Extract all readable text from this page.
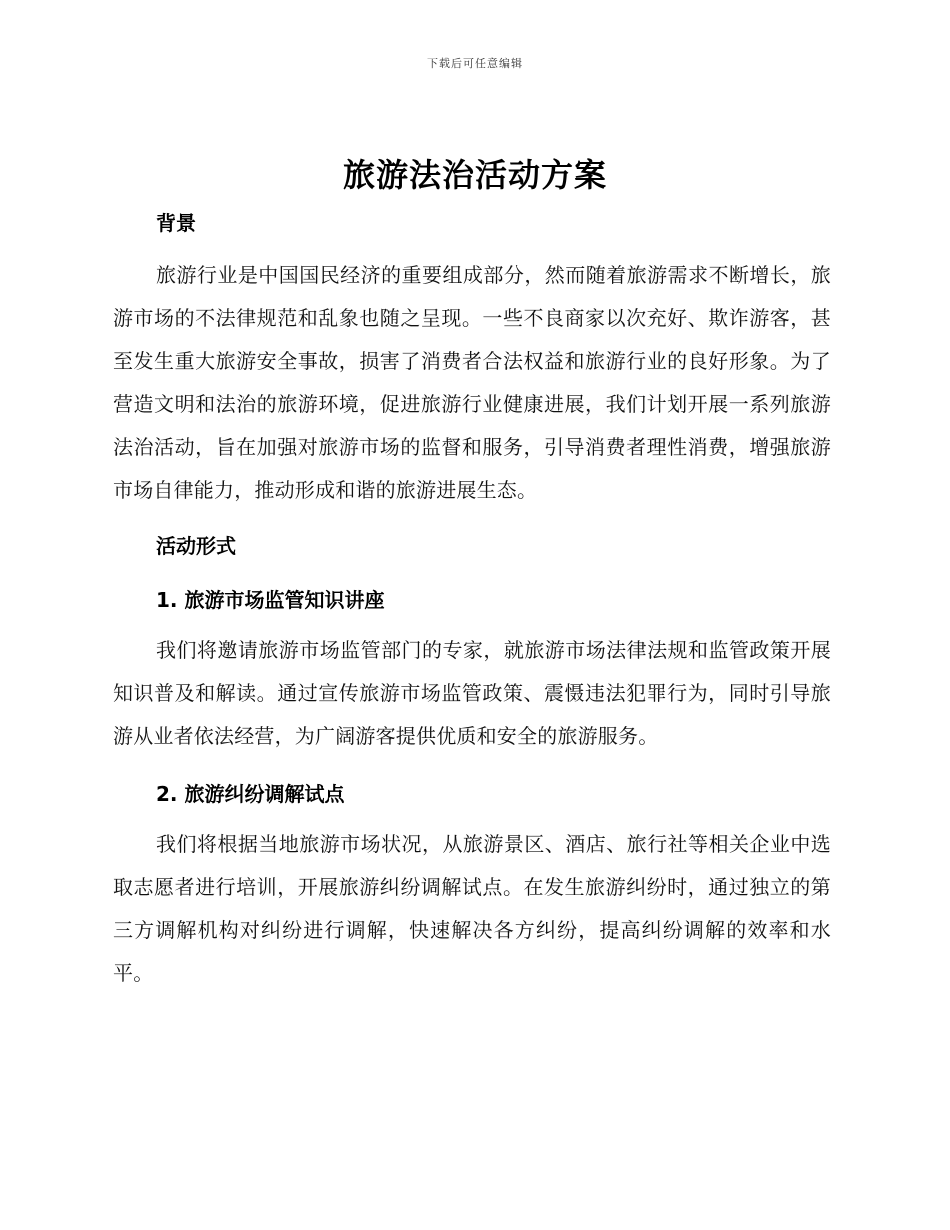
下载后可任意编辑
旅游法治活动方案
背景

旅游行业是中国国民经济的重要组成部分，然而随着旅游需求不断增长，旅游市场的不法律规范和乱象也随之呈现。一些不良商家以次充好、欺诈游客，甚至发生重大旅游安全事故，损害了消费者合法权益和旅游行业的良好形象。为了营造文明和法治的旅游环境，促进旅游行业健康进展，我们计划开展一系列旅游法治活动，旨在加强对旅游市场的监督和服务，引导消费者理性消费，增强旅游市场自律能力，推动形成和谐的旅游进展生态。

活动形式
1. 旅游市场监管知识讲座

我们将邀请旅游市场监管部门的专家，就旅游市场法律法规和监管政策开展知识普及和解读。通过宣传旅游市场监管政策、震慑违法犯罪行为，同时引导旅游从业者依法经营，为广阔游客提供优质和安全的旅游服务。

2. 旅游纠纷调解试点

我们将根据当地旅游市场状况，从旅游景区、酒店、旅行社等相关企业中选取志愿者进行培训，开展旅游纠纷调解试点。在发生旅游纠纷时，通过独立的第三方调解机构对纠纷进行调解，快速解决各方纠纷，提高纠纷调解的效率和水平。
